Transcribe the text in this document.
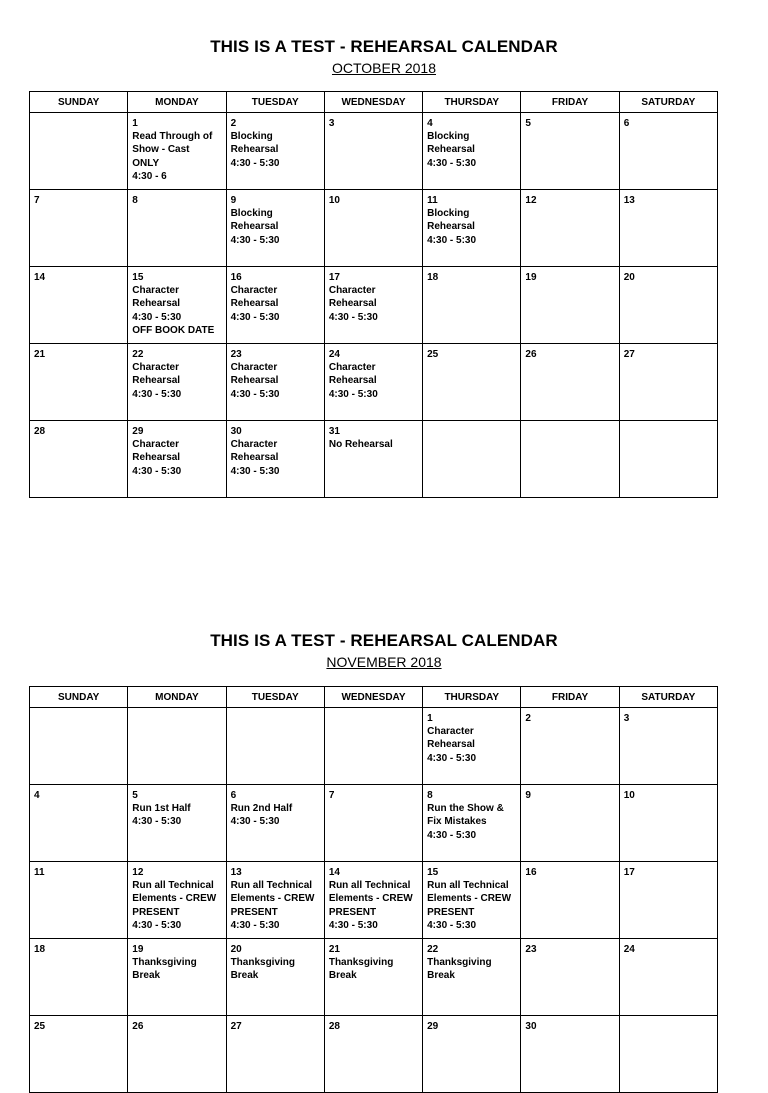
THIS IS A TEST - REHEARSAL CALENDAR
OCTOBER 2018
SUNDAY	MONDAY	TUESDAY	WEDNESDAY	THURSDAY	FRIDAY	SATURDAY

	1
Read Through of
Show - Cast
ONLY
4:30 - 6	2
Blocking
Rehearsal
4:30 - 5:30	3	4
Blocking
Rehearsal
4:30 - 5:30	5	6

7	8	9
Blocking
Rehearsal
4:30 - 5:30	10	11
Blocking
Rehearsal
4:30 - 5:30	12	13

14	15
Character
Rehearsal
4:30 - 5:30
OFF BOOK DATE	16
Character
Rehearsal
4:30 - 5:30	17
Character
Rehearsal
4:30 - 5:30	18	19	20

21	22
Character
Rehearsal
4:30 - 5:30	23
Character
Rehearsal
4:30 - 5:30	24
Character
Rehearsal
4:30 - 5:30	25	26	27

28	29
Character
Rehearsal
4:30 - 5:30	30
Character
Rehearsal
4:30 - 5:30	31
No Rehearsal			

THIS IS A TEST - REHEARSAL CALENDAR
NOVEMBER 2018
SUNDAY	MONDAY	TUESDAY	WEDNESDAY	THURSDAY	FRIDAY	SATURDAY

				1
Character
Rehearsal
4:30 - 5:30	2	3

4	5
Run 1st Half
4:30 - 5:30	6
Run 2nd Half
4:30 - 5:30	7	8
Run the Show &
Fix Mistakes
4:30 - 5:30	9	10

11	12
Run all Technical
Elements - CREW
PRESENT
4:30 - 5:30	13
Run all Technical
Elements - CREW
PRESENT
4:30 - 5:30	14
Run all Technical
Elements - CREW
PRESENT
4:30 - 5:30	15
Run all Technical
Elements - CREW
PRESENT
4:30 - 5:30	16	17

18	19
Thanksgiving
Break	20
Thanksgiving
Break	21
Thanksgiving
Break	22
Thanksgiving
Break	23	24

25	26	27	28	29	30	
